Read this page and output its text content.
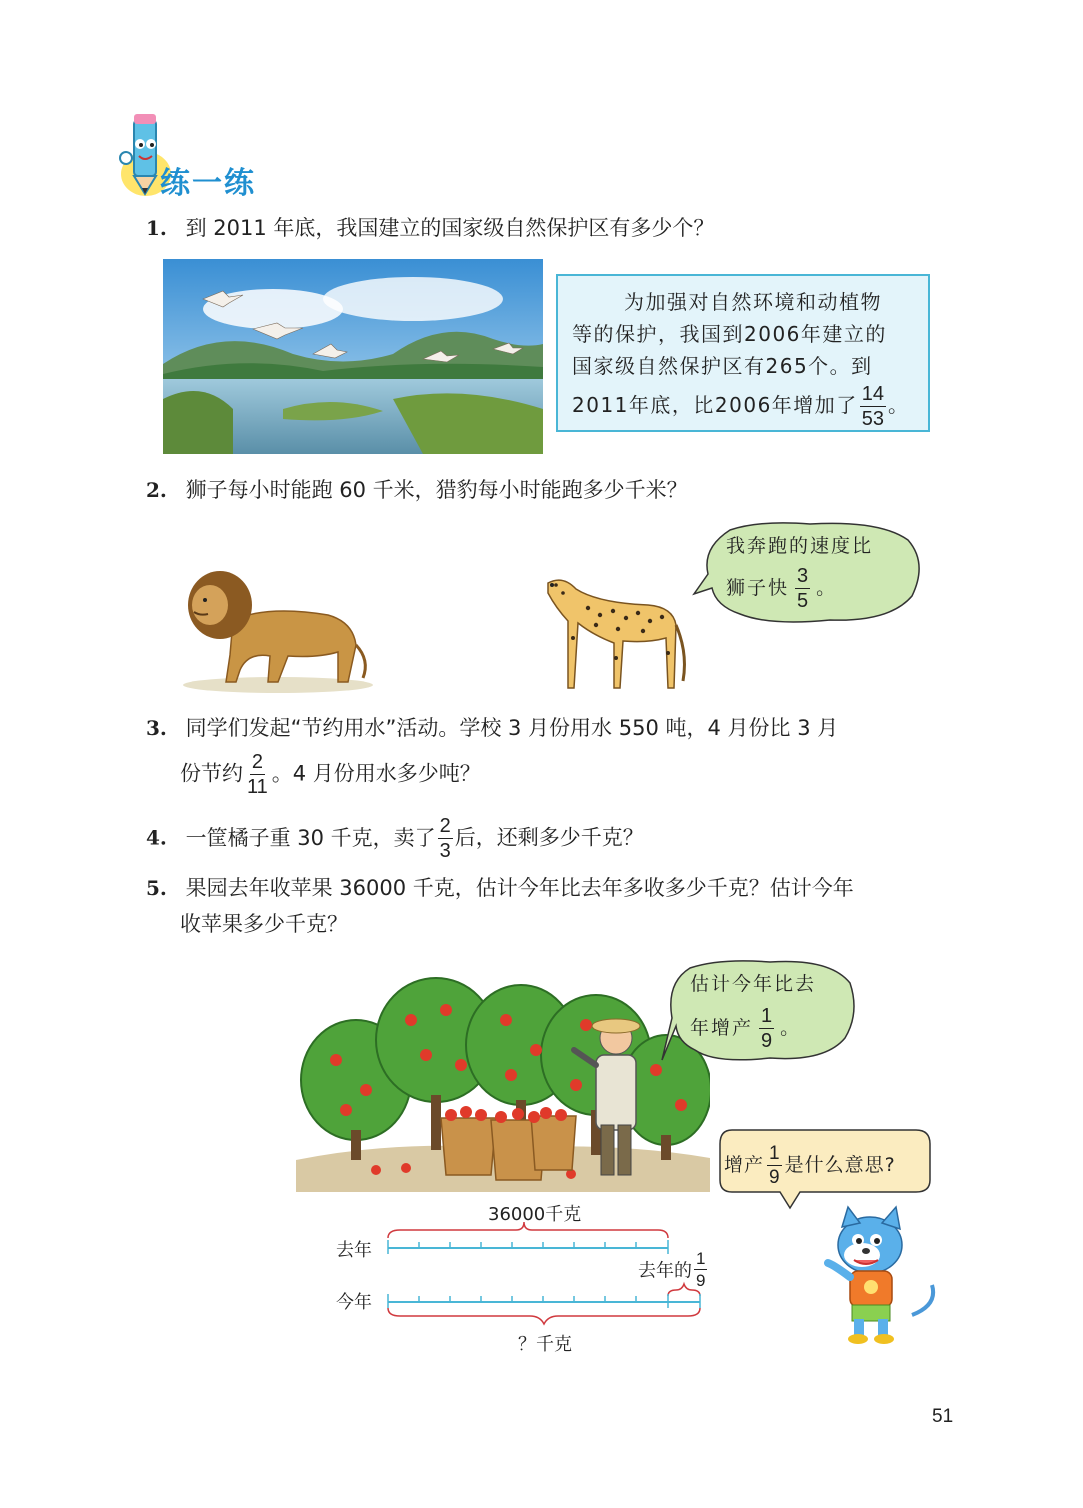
练一练
1. 到 2011 年底，我国建立的国家级自然保护区有多少个？
为加强对自然环境和动植物
等的保护，我国到2006年建立的
国家级自然保护区有265个。到
2011年底，比2006年增加了 $\frac{14}{53}$ 。
2. 狮子每小时能跑 60 千米，猎豹每小时能跑多少千米？
我奔跑的速度比
狮子快 $\frac{3}{5}$ 。
3. 同学们发起“节约用水”活动。学校 3 月份用水 550 吨，4 月份比 3 月
份节约 $\frac{2}{11}$ 。4 月份用水多少吨？
4. 一筐橘子重 30 千克，卖了 $\frac{2}{3}$ 后，还剩多少千克？
5. 果园去年收苹果 36000 千克，估计今年比去年多收多少千克？估计今年
收苹果多少千克？
估计今年比去
年增产 $\frac{1}{9}$ 。
增产 $\frac{1}{9}$ 是什么意思?
36000千克
去年
今年
去年的 $\frac{1}{9}$
？千克
51
